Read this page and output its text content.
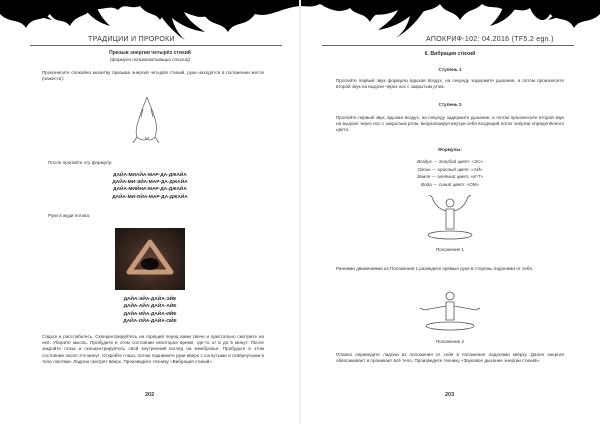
ТРАДИЦИИ И ПРОРОКИ
Призыв энергии четырёх стихий
(формула поливоактивации стихий)
Произнесите спокойно молитву призыва энергий четырёх стихий, руки находятся в положении жести (нажести):
После пропойте эту формулу:
ДАЙА-МИАЙА-МАР-ДА-ДЖАЙА
ДАЙА-МИ-ЭЙА-МАР-ДА-ДЖАЙА
ДАЙА-МИЙНА-МАР-ДА-ДЖАЙА
ДАЙА-МИ-ОЙА-МАР-ДА-ДЖАЙА
Руки в жуди потока:
ДАЙА-ЭЙА-ДАЙА-ЭЙЕ
ДАЙА-АЙА-ДАЙА-АЙЕ
ДАЙА-ИЙА-ДАЙА-ИЙЕ
ДАЙА-ОЙА-ДАЙА-ОЙЕ
Сядьте и расслабьтесь. Сконцентрируйтесь на горящей перед вами свече и пристально смотрите на неё. Уберите мысль. Пробудите в этом состоянии некоторое время, где-то от 5 до 5 минут. После закройте глаза и сконцентрируйтесь свой внутренний взгляд на межбровье. Пробудьте в этом состоянии около 3-5 минут. Откройте глаза, потом поднимите руки вверх с согнутыми и отвёрнутыми в тела локтями. Ладони смотрят вверх. Произведите технику «Вибрация стихий».
202
АПОКРИФ-102: 04.2016 (ТF5.2 egn.)
6. Вибрация стихий
Ступень 1
Пропойте первый звук формулы вдыхая воздух, на секунду задержите дыхание, а потом произнесите второй звук на выдохе через нос с закрытым ртом.
Ступень 2
Пропойте первый звук, вдыхая воздух, на секунду задержите дыхание, а потом произнесите второй звук на выдохе через нос с закрытым ртом, визуализируя внутри себя входящий поток энергии определённого цвета.
Формулы:
Воздух — голубой цвет: «ЭС»
Огонь — красный цвет: «АЙ»
Земля — зелёный цвет: «И-Т»
Вода — синий цвет: «ОМ»
Положение 1
Ранними движениями из Положения 1 разведите прямые руки в стороны ладонями от себя.
Положение 2
Плавно переведите ладони из положения от себя в положение ладонями кверху. Далее энергия обволакивает и проникает всё тело. Произведите технику «Звуковое дыхание энергии стихий».
203
